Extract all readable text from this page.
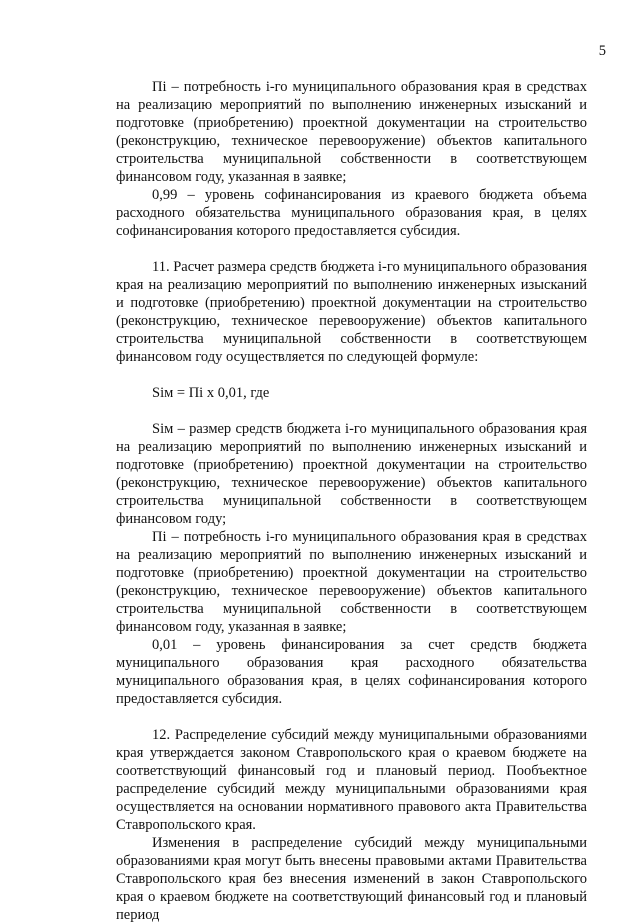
5

Пi – потребность i-го муниципального образования края в средствах на реализацию мероприятий по выполнению инженерных изысканий и подготовке (приобретению) проектной документации на строительство (реконструкцию, техническое перевооружение) объектов капитального строительства муниципальной собственности в соответствующем финансовом году, указанная в заявке;

0,99 – уровень софинансирования из краевого бюджета объема расходного обязательства муниципального образования края, в целях софинансирования которого предоставляется субсидия.

11. Расчет размера средств бюджета i-го муниципального образования края на реализацию мероприятий по выполнению инженерных изысканий и подготовке (приобретению) проектной документации на строительство (реконструкцию, техническое перевооружение) объектов капитального строительства муниципальной собственности в соответствующем финансовом году осуществляется по следующей формуле:

Siм = Пi x 0,01, где

Siм – размер средств бюджета i-го муниципального образования края на реализацию мероприятий по выполнению инженерных изысканий и подготовке (приобретению) проектной документации на строительство (реконструкцию, техническое перевооружение) объектов капитального строительства муниципальной собственности в соответствующем финансовом году;

Пi – потребность i-го муниципального образования края в средствах на реализацию мероприятий по выполнению инженерных изысканий и подготовке (приобретению) проектной документации на строительство (реконструкцию, техническое перевооружение) объектов капитального строительства муниципальной собственности в соответствующем финансовом году, указанная в заявке;

0,01 – уровень финансирования за счет средств бюджета муниципального образования края расходного обязательства муниципального образования края, в целях софинансирования которого предоставляется субсидия.

12. Распределение субсидий между муниципальными образованиями края утверждается законом Ставропольского края о краевом бюджете на соответствующий финансовый год и плановый период. Пообъектное распределение субсидий между муниципальными образованиями края осуществляется на основании нормативного правового акта Правительства Ставропольского края.

Изменения в распределение субсидий между муниципальными образованиями края могут быть внесены правовыми актами Правительства Ставропольского края без внесения изменений в закон Ставропольского края о краевом бюджете на соответствующий финансовый год и плановый период
